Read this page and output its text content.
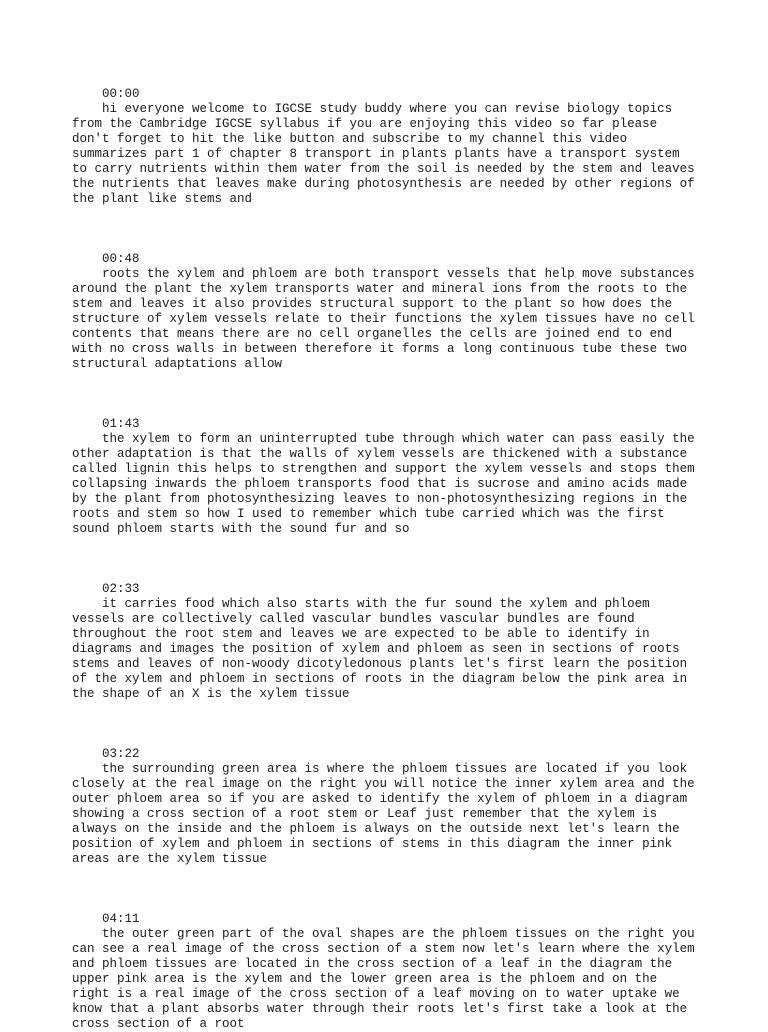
00:00
hi everyone welcome to IGCSE study buddy where you can revise biology topics
from the Cambridge IGCSE syllabus if you are enjoying this video so far please
don't forget to hit the like button and subscribe to my channel this video
summarizes part 1 of chapter 8 transport in plants plants have a transport system
to carry nutrients within them water from the soil is needed by the stem and leaves
the nutrients that leaves make during photosynthesis are needed by other regions of
the plant like stems and
00:48
roots the xylem and phloem are both transport vessels that help move substances
around the plant the xylem transports water and mineral ions from the roots to the
stem and leaves it also provides structural support to the plant so how does the
structure of xylem vessels relate to their functions the xylem tissues have no cell
contents that means there are no cell organelles the cells are joined end to end
with no cross walls in between therefore it forms a long continuous tube these two
structural adaptations allow
01:43
the xylem to form an uninterrupted tube through which water can pass easily the
other adaptation is that the walls of xylem vessels are thickened with a substance
called lignin this helps to strengthen and support the xylem vessels and stops them
collapsing inwards the phloem transports food that is sucrose and amino acids made
by the plant from photosynthesizing leaves to non-photosynthesizing regions in the
roots and stem so how I used to remember which tube carried which was the first
sound phloem starts with the sound fur and so
02:33
it carries food which also starts with the fur sound the xylem and phloem
vessels are collectively called vascular bundles vascular bundles are found
throughout the root stem and leaves we are expected to be able to identify in
diagrams and images the position of xylem and phloem as seen in sections of roots
stems and leaves of non-woody dicotyledonous plants let's first learn the position
of the xylem and phloem in sections of roots in the diagram below the pink area in
the shape of an X is the xylem tissue
03:22
the surrounding green area is where the phloem tissues are located if you look
closely at the real image on the right you will notice the inner xylem area and the
outer phloem area so if you are asked to identify the xylem of phloem in a diagram
showing a cross section of a root stem or Leaf just remember that the xylem is
always on the inside and the phloem is always on the outside next let's learn the
position of xylem and phloem in sections of stems in this diagram the inner pink
areas are the xylem tissue
04:11
the outer green part of the oval shapes are the phloem tissues on the right you
can see a real image of the cross section of a stem now let's learn where the xylem
and phloem tissues are located in the cross section of a leaf in the diagram the
upper pink area is the xylem and the lower green area is the phloem and on the
right is a real image of the cross section of a leaf moving on to water uptake we
know that a plant absorbs water through their roots let's first take a look at the
cross section of a root
